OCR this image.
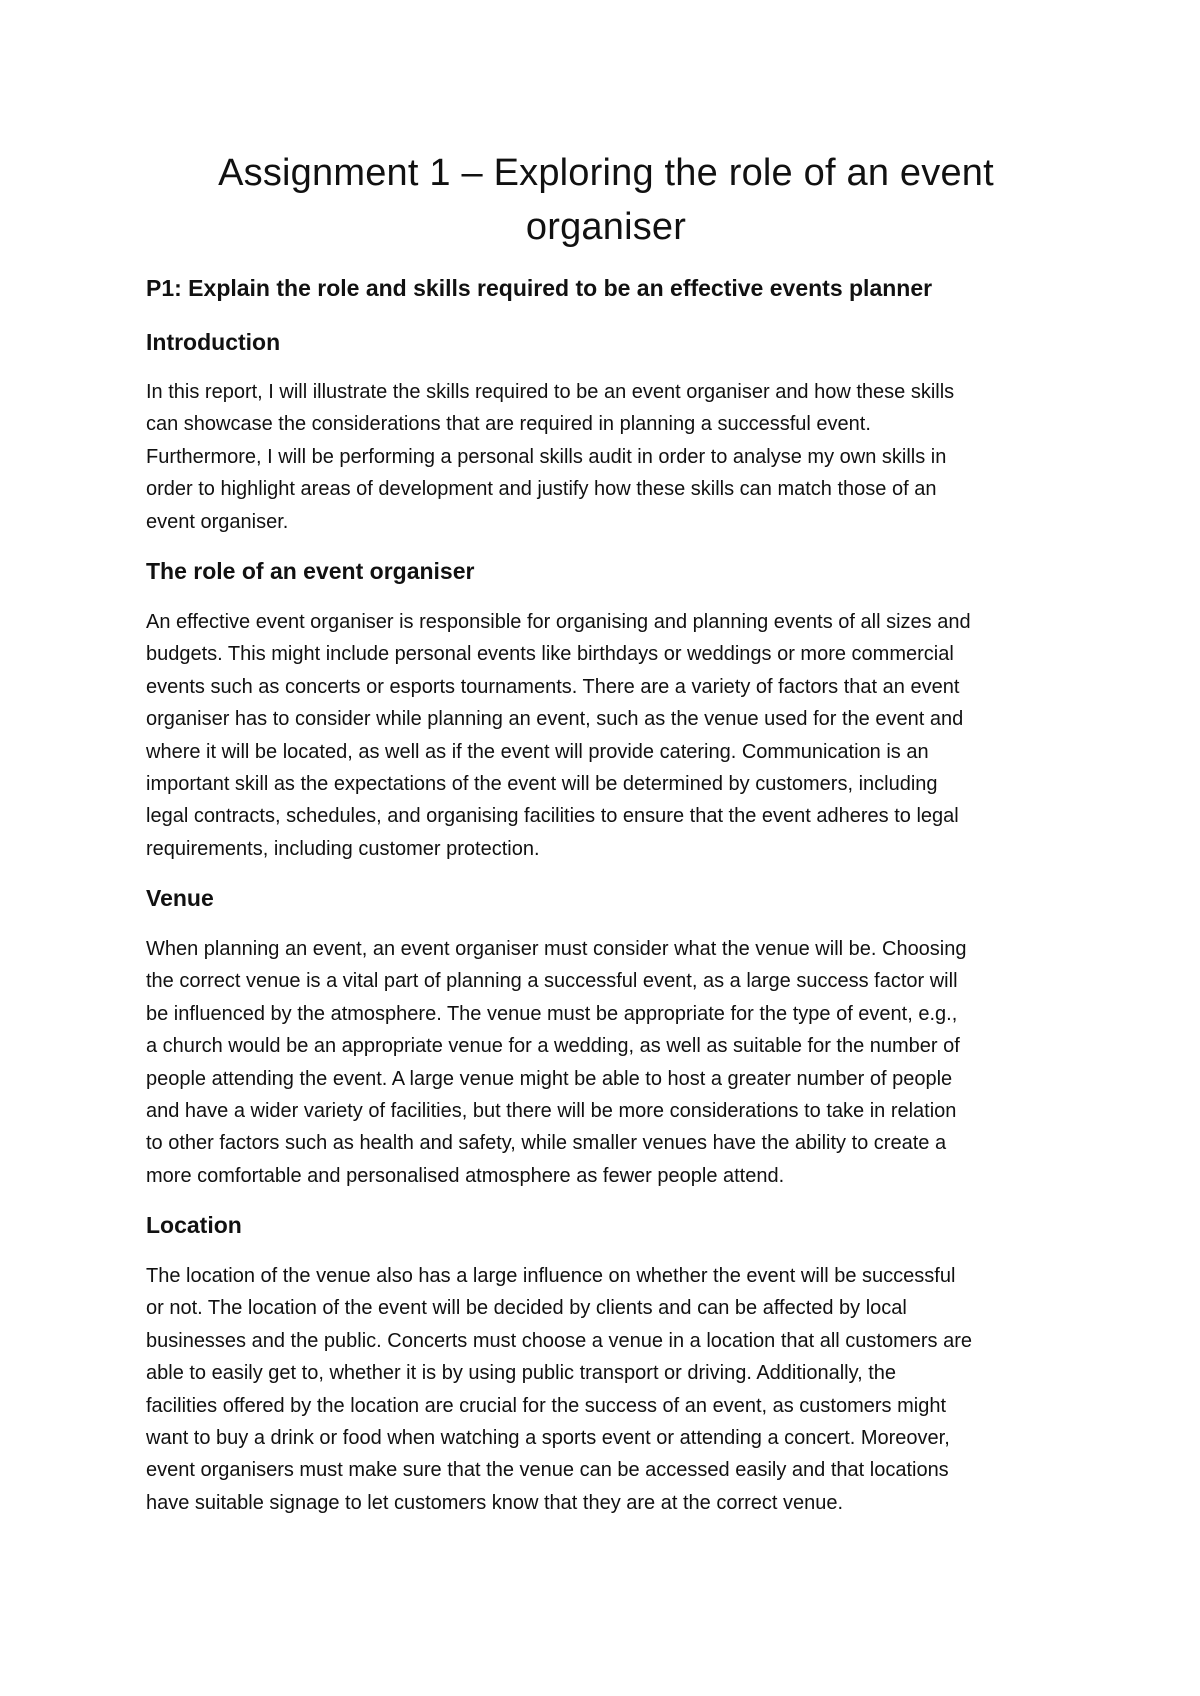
Assignment 1 – Exploring the role of an event
organiser
P1: Explain the role and skills required to be an effective events planner
Introduction
In this report, I will illustrate the skills required to be an event organiser and how these skills
can showcase the considerations that are required in planning a successful event.
Furthermore, I will be performing a personal skills audit in order to analyse my own skills in
order to highlight areas of development and justify how these skills can match those of an
event organiser.
The role of an event organiser
An effective event organiser is responsible for organising and planning events of all sizes and
budgets. This might include personal events like birthdays or weddings or more commercial
events such as concerts or esports tournaments. There are a variety of factors that an event
organiser has to consider while planning an event, such as the venue used for the event and
where it will be located, as well as if the event will provide catering. Communication is an
important skill as the expectations of the event will be determined by customers, including
legal contracts, schedules, and organising facilities to ensure that the event adheres to legal
requirements, including customer protection.
Venue
When planning an event, an event organiser must consider what the venue will be. Choosing
the correct venue is a vital part of planning a successful event, as a large success factor will
be influenced by the atmosphere. The venue must be appropriate for the type of event, e.g.,
a church would be an appropriate venue for a wedding, as well as suitable for the number of
people attending the event. A large venue might be able to host a greater number of people
and have a wider variety of facilities, but there will be more considerations to take in relation
to other factors such as health and safety, while smaller venues have the ability to create a
more comfortable and personalised atmosphere as fewer people attend.
Location
The location of the venue also has a large influence on whether the event will be successful
or not. The location of the event will be decided by clients and can be affected by local
businesses and the public. Concerts must choose a venue in a location that all customers are
able to easily get to, whether it is by using public transport or driving. Additionally, the
facilities offered by the location are crucial for the success of an event, as customers might
want to buy a drink or food when watching a sports event or attending a concert. Moreover,
event organisers must make sure that the venue can be accessed easily and that locations
have suitable signage to let customers know that they are at the correct venue.
